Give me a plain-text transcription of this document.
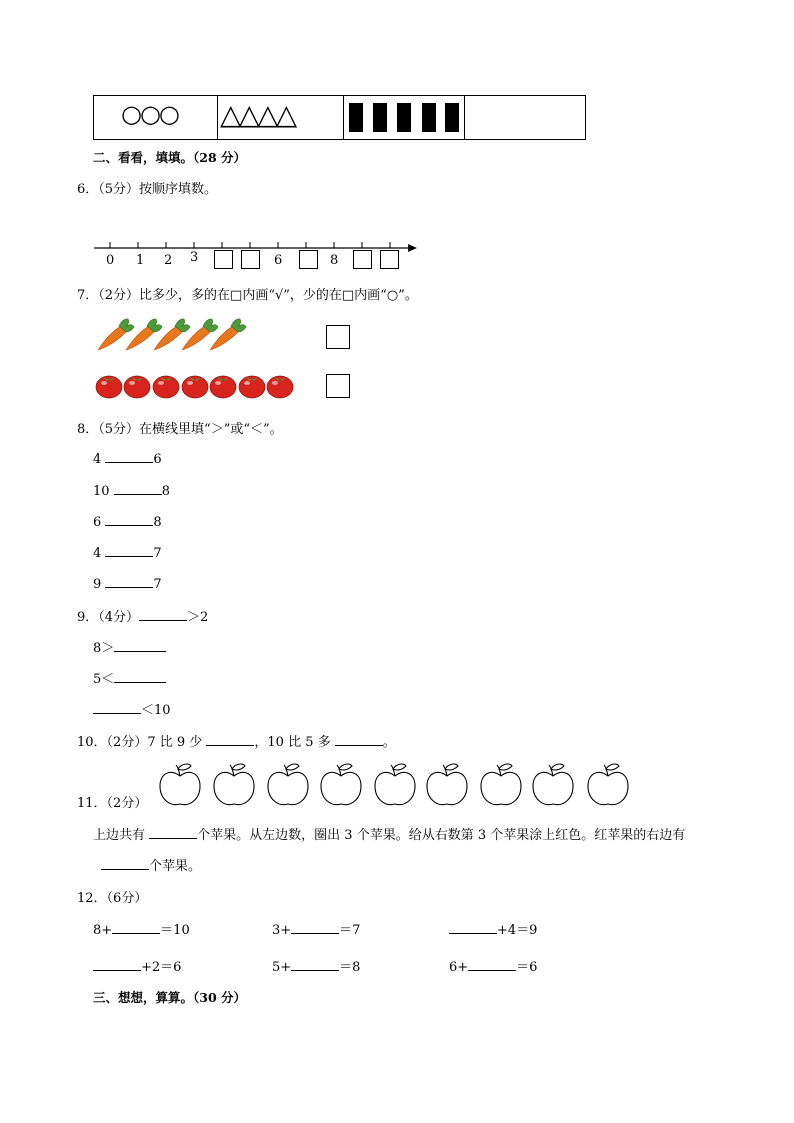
○○○ △△△△
二、看看，填填。（28 分）
6．（5分）按顺序填数。
0 1 2 3	6	8
7．（2分）比多少，多的在□内画“√”，少的在□内画“○”。
8．（5分）在横线里填“＞”或“＜”。
4	6
10	8
6	8
4	7
9	7
9．（4分）	＞2
8＞
5＜
＜10
10．（2分）7 比 9 少	，10 比 5 多	。
11．（2分）
上边共有	个苹果。从左边数，圈出 3 个苹果。给从右数第 3 个苹果涂上红色。红苹果的右边有
个苹果。
12．（6分）
8+	＝10	3+	＝7	+4＝9
+2＝6	5+	＝8	6+	＝6
三、想想，算算。（30 分）
